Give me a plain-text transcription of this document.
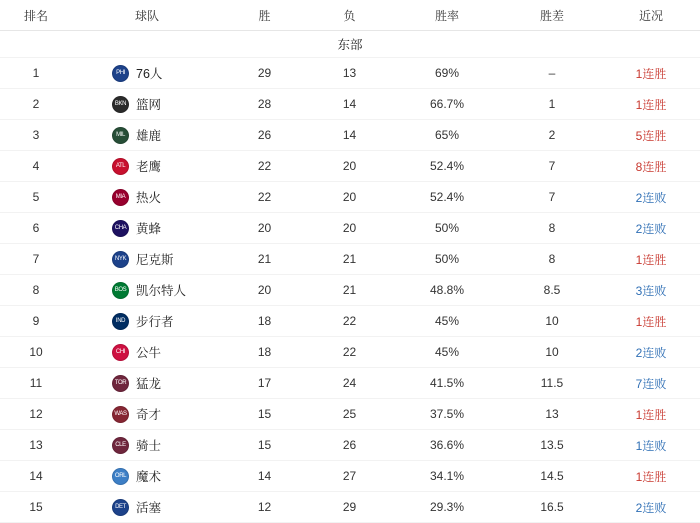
排名	球队	胜	负	胜率	胜差	近况
东部						
1	PHI 76人	29	13	69%	–	1连胜
2	BKN 篮网	28	14	66.7%	1	1连胜
3	MIL 雄鹿	26	14	65%	2	5连胜
4	ATL 老鹰	22	20	52.4%	7	8连胜
5	MIA 热火	22	20	52.4%	7	2连败
6	CHA 黄蜂	20	20	50%	8	2连败
7	NYK 尼克斯	21	21	50%	8	1连胜
8	BOS 凯尔特人	20	21	48.8%	8.5	3连败
9	IND 步行者	18	22	45%	10	1连胜
10	CHI 公牛	18	22	45%	10	2连败
11	TOR 猛龙	17	24	41.5%	11.5	7连败
12	WAS 奇才	15	25	37.5%	13	1连胜
13	CLE 骑士	15	26	36.6%	13.5	1连败
14	ORL 魔术	14	27	34.1%	14.5	1连胜
15	DET 活塞	12	29	29.3%	16.5	2连败
